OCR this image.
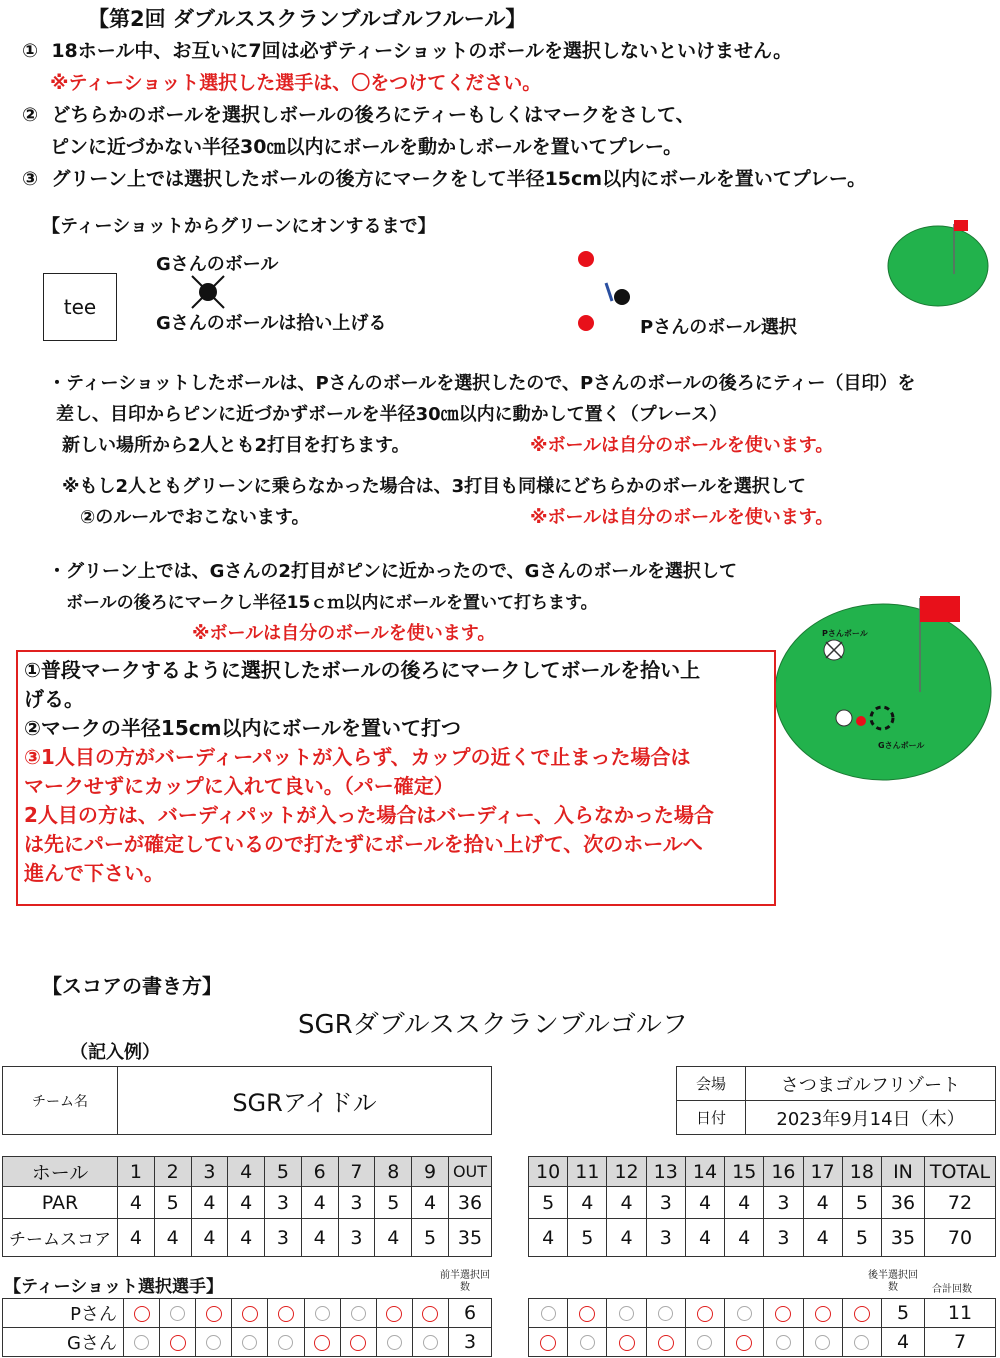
【第2回 ダブルススクランブルゴルフルール】
① 18ホール中、お互いに7回は必ずティーショットのボールを選択しないといけません。
※ティーショット選択した選手は、〇をつけてください。
② どちらかのボールを選択しボールの後ろにティーもしくはマークをさして、
ピンに近づかない半径30㎝以内にボールを動かしボールを置いてプレー。
③ グリーン上では選択したボールの後方にマークをして半径15cm以内にボールを置いてプレー。
【ティーショットからグリーンにオンするまで】
tee
Gさんのボール
Gさんのボールは拾い上げる	Pさんのボール選択
・ティーショットしたボールは、Pさんのボールを選択したので、Pさんのボールの後ろにティー（目印）を
差し、目印からピンに近づかずボールを半径30㎝以内に動かして置く（プレース）
新しい場所から2人とも2打目を打ちます。	※ボールは自分のボールを使います。
※もし2人ともグリーンに乗らなかった場合は、3打目も同様にどちらかのボールを選択して
②のルールでおこないます。	※ボールは自分のボールを使います。
・グリーン上では、Gさんの2打目がピンに近かったので、Gさんのボールを選択して
ボールの後ろにマークし半径15ｃｍ以内にボールを置いて打ちます。
※ボールは自分のボールを使います。	Pさんボール
Gさんボール
①普段マークするように選択したボールの後ろにマークしてボールを拾い上
げる。
②マークの半径15cm以内にボールを置いて打つ
③1人目の方がバーディーパットが入らず、カップの近くで止まった場合は
マークせずにカップに入れて良い。（パー確定）
2人目の方は、バーディパットが入った場合はバーディー、入らなかった場合
は先にパーが確定しているので打たずにボールを拾い上げて、次のホールへ
進んで下さい。
【スコアの書き方】
SGRダブルススクランブルゴルフ
（記入例）
チーム名	SGRアイドル
会場	さつまゴルフリゾート
日付	2023年9月14日（木）
ホール	1	2	3	4	5	6	7	8	9	OUT
PAR	4	5	4	4	3	4	3	5	4	36
チームスコア	4	4	4	4	3	4	3	4	5	35
10	11	12	13	14	15	16	17	18	IN	TOTAL
5	4	4	3	4	4	3	4	5	36	72
4	5	4	3	4	4	3	4	5	35	70
【ティーショット選択選手】
前半選択回数
後半選択回数	合計回数
Pさん										6
Gさん										3
									5	11
									4	7
